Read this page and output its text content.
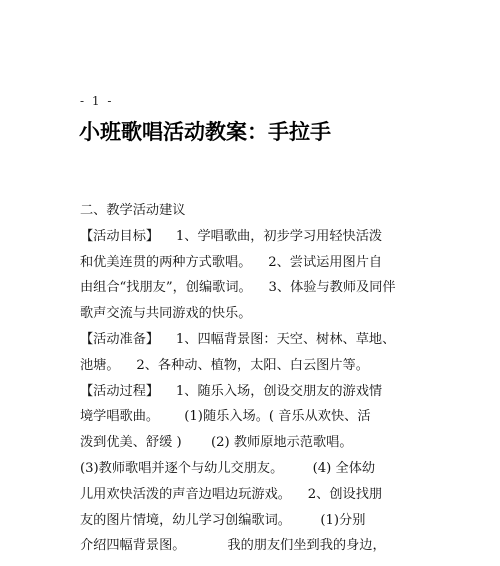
- 1 -
小班歌唱活动教案：手拉手
二、教学活动建议
【活动目标】    1、学唱歌曲，初步学习用轻快活泼
和优美连贯的两种方式歌唱。    2、尝试运用图片自
由组合“找朋友”，创编歌词。    3、体验与教师及同伴
歌声交流与共同游戏的快乐。
【活动准备】    1、四幅背景图：天空、树林、草地、
池塘。    2、各种动、植物，太阳、白云图片等。
【活动过程】    1、随乐入场，创设交朋友的游戏情
境学唱歌曲。      (1)随乐入场。( 音乐从欢快、活
泼到优美、舒缓 )       (2) 教师原地示范歌唱。
(3)教师歌唱并逐个与幼儿交朋友。       (4) 全体幼
儿用欢快活泼的声音边唱边玩游戏。    2、创设找朋
友的图片情境，幼儿学习创编歌词。       (1)分别
介绍四幅背景图。          我的朋友们坐到我的身边，
